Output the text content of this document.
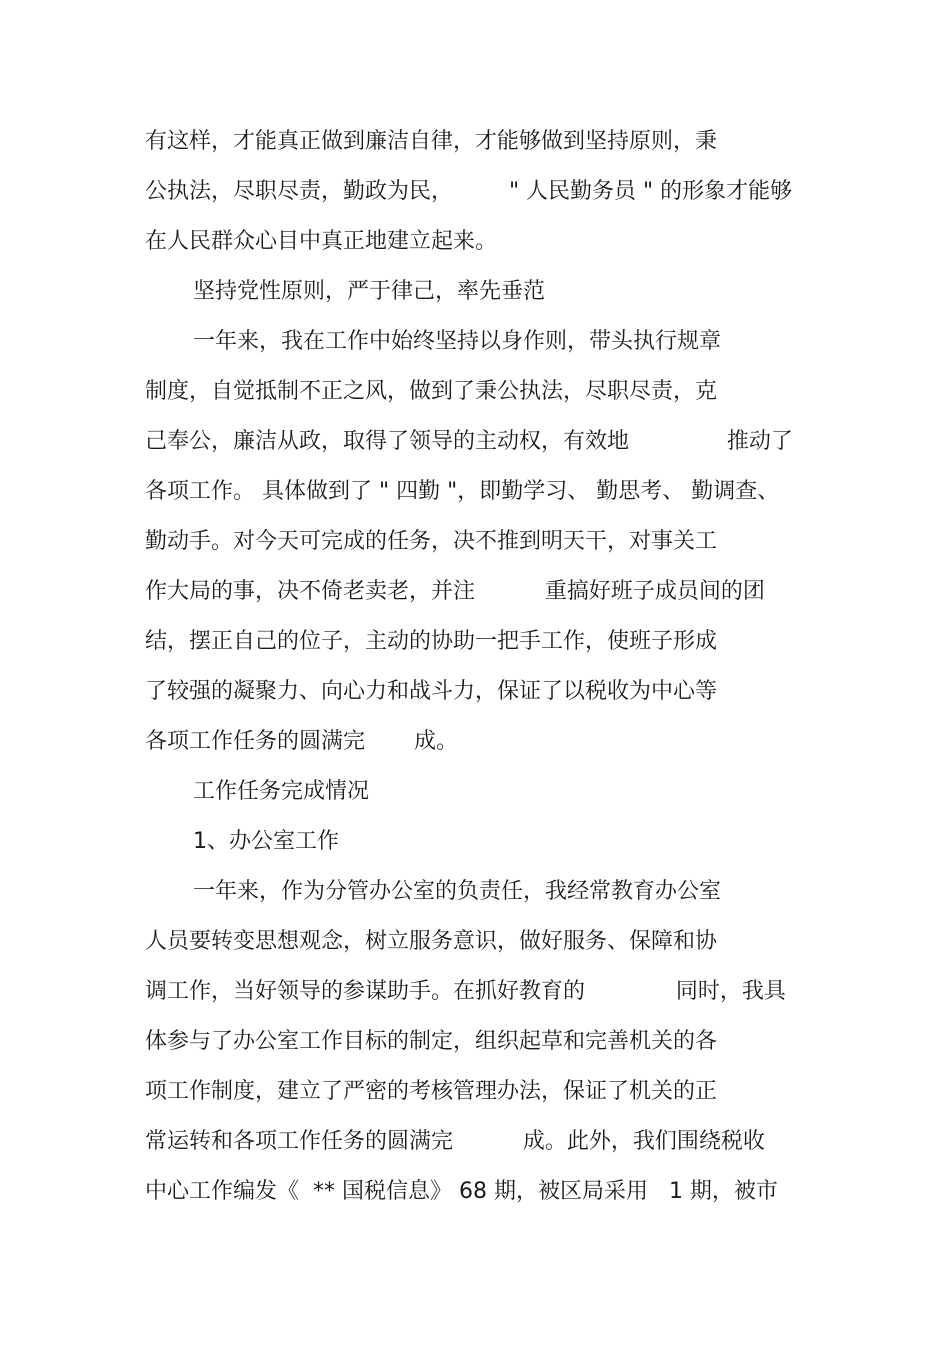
有这样，才能真正做到廉洁自律，才能够做到坚持原则，秉
公执法，尽职尽责，勤政为民，        " 人民勤务员 " 的形象才能够
在人民群众心目中真正地建立起来。
坚持党性原则，严于律己，率先垂范
一年来，我在工作中始终坚持以身作则，带头执行规章
制度，自觉抵制不正之风，做到了秉公执法，尽职尽责，克
己奉公，廉洁从政，取得了领导的主动权，有效地              推动了
各项工作。 具体做到了 " 四勤 "，即勤学习、 勤思考、 勤调查、
勤动手。对今天可完成的任务，决不推到明天干，对事关工
作大局的事，决不倚老卖老，并注          重搞好班子成员间的团
结，摆正自己的位子，主动的协助一把手工作，使班子形成
了较强的凝聚力、向心力和战斗力，保证了以税收为中心等
各项工作任务的圆满完       成。
工作任务完成情况
1、办公室工作
一年来，作为分管办公室的负责任，我经常教育办公室
人员要转变思想观念，树立服务意识，做好服务、保障和协
调工作，当好领导的参谋助手。在抓好教育的             同时，我具
体参与了办公室工作目标的制定，组织起草和完善机关的各
项工作制度，建立了严密的考核管理办法，保证了机关的正
常运转和各项工作任务的圆满完          成。此外，我们围绕税收
中心工作编发《  ** 国税信息》 68 期，被区局采用   1 期，被市
